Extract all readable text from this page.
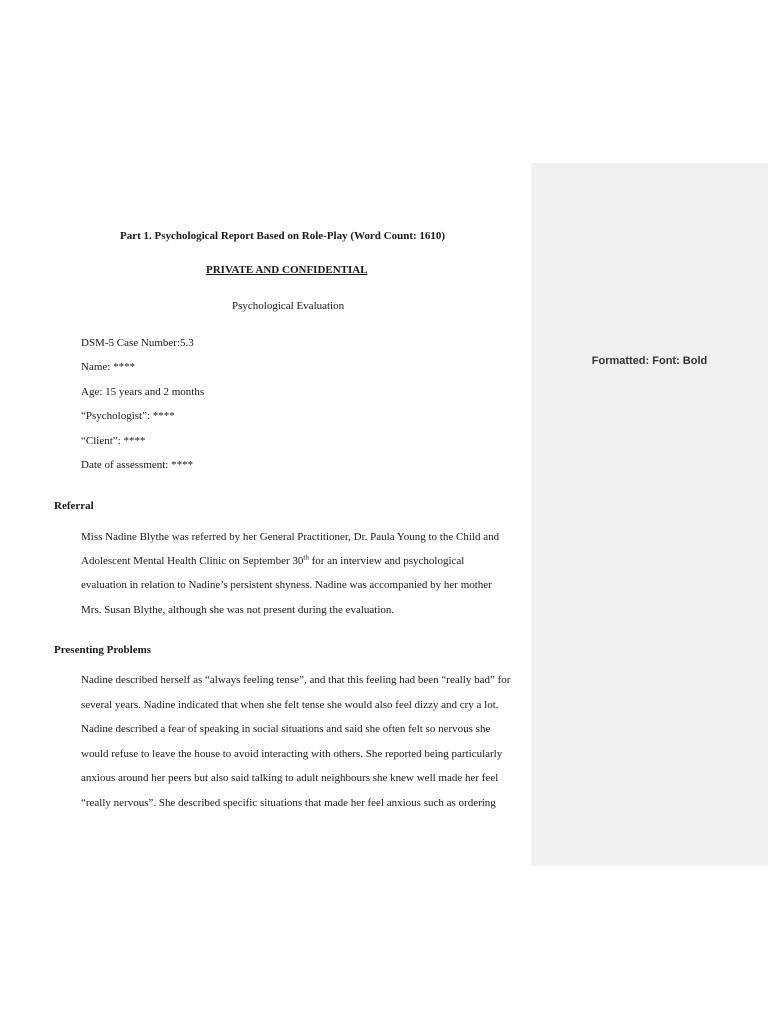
Formatted: Font: Bold
Part 1. Psychological Report Based on Role-Play (Word Count: 1610)
PRIVATE AND CONFIDENTIAL
Psychological Evaluation
DSM-5 Case Number:5.3
Name: ****
Age: 15 years and 2 months
“Psychologist”: ****
“Client”: ****
Date of assessment: ****
Referral
Miss Nadine Blythe was referred by her General Practitioner, Dr. Paula Young to the Child and
Adolescent Mental Health Clinic on September 30th for an interview and psychological
evaluation in relation to Nadine’s persistent shyness. Nadine was accompanied by her mother
Mrs. Susan Blythe, although she was not present during the evaluation.
Presenting Problems
Nadine described herself as “always feeling tense”, and that this feeling had been “really bad” for
several years. Nadine indicated that when she felt tense she would also feel dizzy and cry a lot.
Nadine described a fear of speaking in social situations and said she often felt so nervous she
would refuse to leave the house to avoid interacting with others. She reported being particularly
anxious around her peers but also said talking to adult neighbours she knew well made her feel
“really nervous”. She described specific situations that made her feel anxious such as ordering
